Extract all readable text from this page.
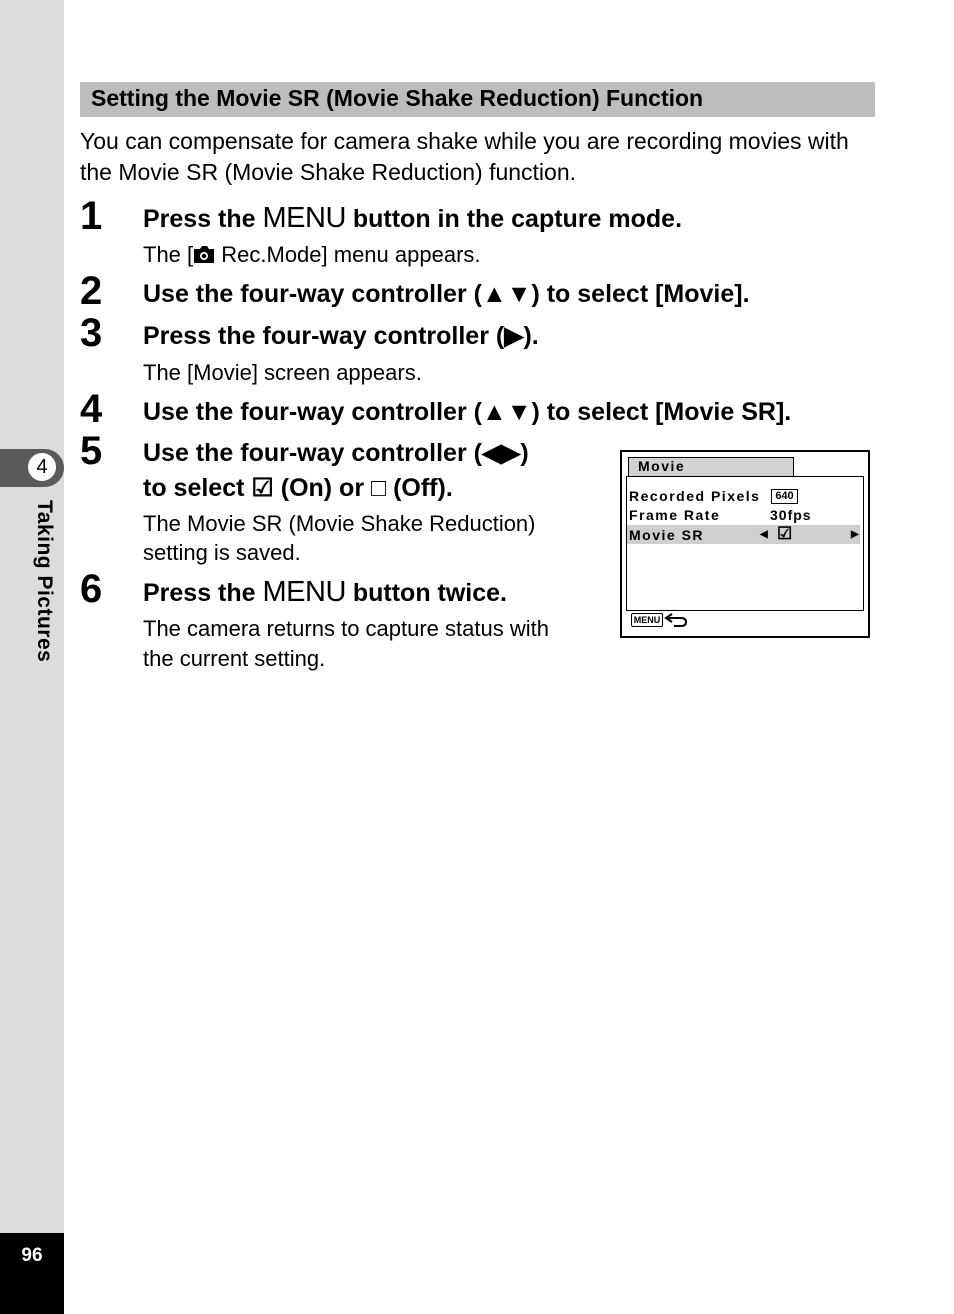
4
Taking Pictures
96
Setting the Movie SR (Movie Shake Reduction) Function
You can compensate for camera shake while you are recording movies with the Movie SR (Movie Shake Reduction) function.
1 Press the MENU button in the capture mode.
The [ Rec.Mode] menu appears.
2 Use the four-way controller (▲▼) to select [Movie].
3 Press the four-way controller (▶).
The [Movie] screen appears.
4 Use the four-way controller (▲▼) to select [Movie SR].
5 Use the four-way controller (◀▶)
to select ☑ (On) or □ (Off).
The Movie SR (Movie Shake Reduction)
setting is saved.
6 Press the MENU button twice.
The camera returns to capture status with
the current setting.
Movie
Recorded Pixels	640
Frame Rate	30fps
Movie SR	◀ ☑	▶
MENU
